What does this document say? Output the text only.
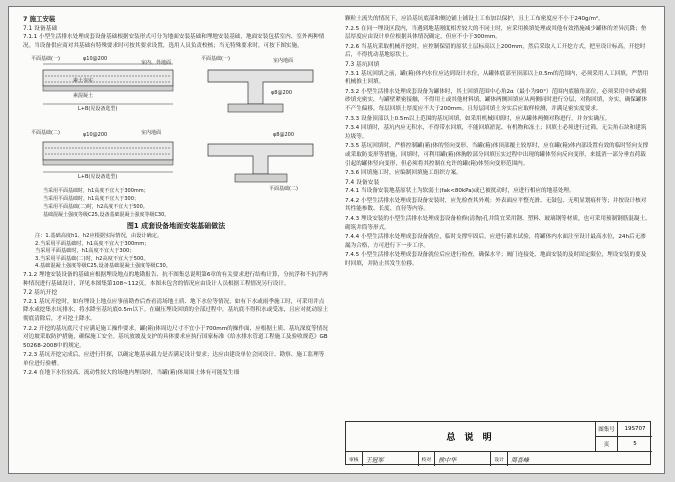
7 施工安装
7.1 设备基础

7.1.1 小型生活排水处理成套设备基础根据安装形式可分为地面安装基础和埋地安装基础，地面安装包括室内、室外两种情况。当设备供应商对其基础有特殊要求时可按其要求设置，选用人员负责校核；当无特殊要求时，可按下图实施。

平面基础(一)	φ10@200
室内、外地面
素土夯实
素混凝土
L+B(见设备选型)
平面基础(一)	室内地面
φ8@200
平面基础(二)	φ10@200	室内地面
L+B(见设备选型)
φ8@200
平面基础(二)
当采用平面基础时，h1高度不宜大于300mm；
当采用平面基础时，h1高度不宜大于300；
当采用平面基础(二)时，h2高度不宜大于500。
基础混凝土强度等级C25,设备基础混凝土强度等级C30。
图1 成套设备地面安装基础做法

注：1.基础高度h1、h2应根据实际情况，由设计确定。

2.当采用平面基础时，h1高度不宜大于300mm；

当采用平面基础时，h1高度不宜大于300；

3.当采用平面基础(二)时，h2高度不宜大于500。

4.基础混凝土强度等级C25,设备基础混凝土强度等级C30。

7.1.2 埋地安装设备的基础应根据埋设地点的地勘报告、抗不图集总说明第6章的有关要求进行结构计算，分抗浮和不抗浮两种情况进行基础设计，详见本图集第108~112页，本图未包含的情况应由设计人员根据工程情况另行设计。

7.2 基坑开挖

7.2.1 基坑开挖时，如有埋设上地点应事前勘查后查看清场地土质、地下水位等情况，如有下水或雨季施工时，可采用井点降水或挖集水坑排水，将水降至基坑底0.5m以下。在碾压埋设回填的全部过程中，基坑底不得积水或受冻，且应对扰动原土彻底清除后，才可挖土降水。

7.2.2 开挖的基坑底尺寸应满足施工操作要求，罐(箱)体周边尺寸不宜小于700mm的操作面，应根据土质、基坑深度等情况对边坡采取防护措施，确保施工安全。基坑放坡及支护的具体要求应执行国家标准《给水排水管道工程施工及验收规范》GB 50268-2008中的规定。

7.2.3 基坑开挖完成后，应进行钎探，以确定地基承载力是否满足设计要求；达应由建设单位会同设计、勘察、施工监理等单位进行验槽。

7.2.4 在地下水位较高、流动性较大的场地内埋设时，当罐(箱)体周围土体有可能发生细

颗粒土流失的情况下，应沿基坑底部和侧边铺上铺设土工布加以保护，且土工布密度应不小于240g/m²。

7.2.5 在同一埋设区段内，当遇到地基刚度相差较大的不同土时，应采用换填处理或其他有效措施减少罐体的差异沉降；垫层厚度应由设计单位根据具体情况确定，但应不小于300mm。

7.2.6 当基坑采取机械开挖时，应控制保留的原状土层标高以上200mm，然后采取人工开挖方式，把至设计标高，开挖时后，不得扰动基地原状土。

7.3 基坑回填

7.3.1 基坑回填之前，罐(箱)体内水位应达到设计水位，从罐体底部至顶部以上0.5m的范围内，必须采用人工回填，严禁用机械推土回填。

7.3.2 小型生活排水处理成套设备为罐体时，其土回填范围中心角2α（最小为90°）范围内底腋角部位，必须采用中砂或粗砂填充密实，与罐壁紧密接触，不得用土或其他材料填。罐体两侧回填应从两侧同时进行分层，对称回填，夯实，确保罐体不产生偏移，每层回填土厚度应不大于200mm。且每层回填土夯实后应取样检测，并满足密实度要求。

7.3.3 设备顶部以上0.5m以上范围的基坑回填，如采用机械回填时，应从罐体两侧对称进行，并夯实确压。

7.3.4 回填时，基坑内应无积水，不得带水回填，不能回填淤泥、有机物和冻土；回填土必须进行过筛，无尖角石块和建筑垃圾等。

7.3.5 基坑回填时，严格控制罐(箱)体的竖向变形，当罐(箱)体顶部覆土较厚时，应在罐(箱)体内部设置有效的临时竖向支撑或采取防变形等措施，回填时，可利用罐(箱)体胸腔部分回填压实过程中出现的罐体竖向反向变形，来抵消一部分垂直荷载引起的罐体竖向变形，但必须将其控制在允许的罐(箱)体竖向变形范围内。

7.3.6 回填施工时，应编制回填施工组织方案。

7.4 设备安装

7.4.1 当设备安装地基原状土为软弱土(fak<80kPa)或已被扰动时，应进行相应的地基处理。

7.4.2 小型生活排水处理成套设备安装时，应先检查其外观：外表面应平整光滑、无鼓包、无明显划痕杆等；并按设计核对其性能参数、长度、直径等内容。

7.4.3 埋设安装的小型生活排水处理成套设备检修(清掏)孔井筒宜采用钢、塑料、玻璃钢等材质，也可采用预制钢筋混凝土、砌筑井筒等形式。

7.4.4 小型生活排水处理成套设备就位，临时支撑牢固后，应进行灌水试验，将罐体内水面注至设计最高水位，24h后无渗漏为合格，方可进行下一步工序。

7.4.5 小型生活排水处理成套设备就位后应进行检查，确保水平；阀门连接处、地面安装的及时固定限位，埋设安装的要及时回填，并防止其发生位移。

总 说 明
图集号	19S707
页	5
审核	王冠军	校对	侯中华	设计	周喜峰
